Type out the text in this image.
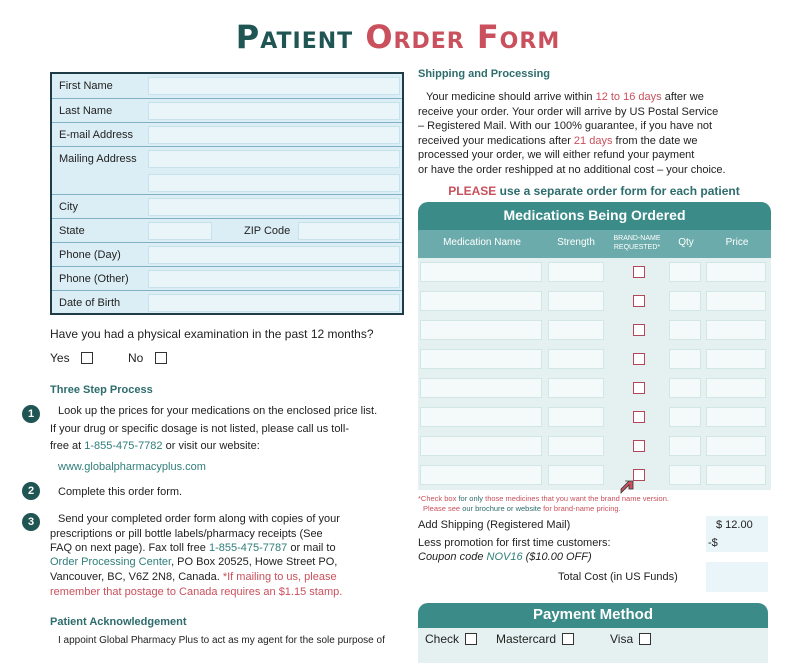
Patient Order Form
First Name
Last Name
E-mail Address
Mailing Address
City
State	ZIP Code
Phone (Day)
Phone (Other)
Date of Birth
Have you had a physical examination in the past 12 months?
Yes	No
Three Step Process
1	Look up the prices for your medications on the enclosed price list.
If your drug or specific dosage is not listed, please call us toll-
free at 1-855-475-7782 or visit our website:
www.globalpharmacyplus.com
2	Complete this order form.
3	Send your completed order form along with copies of your
prescriptions or pill bottle labels/pharmacy receipts (See
FAQ on next page). Fax toll free 1-855-475-7787 or mail to
Order Processing Center, PO Box 20525, Howe Street PO,
Vancouver, BC, V6Z 2N8, Canada. *If mailing to us, please
remember that postage to Canada requires an $1.15 stamp.
Patient Acknowledgement
I appoint Global Pharmacy Plus to act as my agent for the sole purpose of
Shipping and Processing
Your medicine should arrive within 12 to 16 days after we
receive your order. Your order will arrive by US Postal Service
– Registered Mail. With our 100% guarantee, if you have not
received your medications after 21 days from the date we
processed your order, we will either refund your payment
or have the order reshipped at no additional cost – your choice.
PLEASE use a separate order form for each patient
Medications Being Ordered
Medication Name	Strength	BRAND-NAME REQUESTED*	Qty	Price
*Check box for only those medicines that you want the brand name version.
Please see our brochure or website for brand-name pricing.
Add Shipping (Registered Mail)	$ 12.00
Less promotion for first time customers:	-$
Coupon code NOV16 ($10.00 OFF)
Total Cost (in US Funds)
Payment Method
Check	Mastercard	Visa
